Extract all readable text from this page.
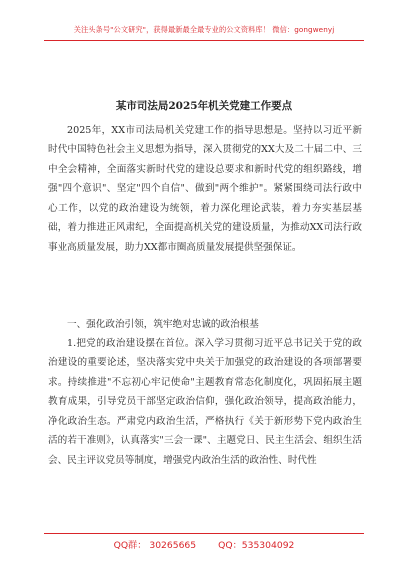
关注头条号"公文研究"，获得最新最全最专业的公文资料库！ 微信：gongwenyj
某市司法局2025年机关党建工作要点
2025年，XX市司法局机关党建工作的指导思想是。坚持以习近平新时代中国特色社会主义思想为指导，深入贯彻党的XX大及二十届二中、三中全会精神，全面落实新时代党的建设总要求和新时代党的组织路线，增强"四个意识"、坚定"四个自信"、做到"两个维护"。紧紧围绕司法行政中心工作，以党的政治建设为统领，着力深化理论武装，着力夯实基层基础，着力推进正风肃纪，全面提高机关党的建设质量，为推动XX司法行政事业高质量发展，助力XX都市圈高质量发展提供坚强保证。
一、强化政治引领，筑牢绝对忠诚的政治根基
1.把党的政治建设摆在首位。深入学习贯彻习近平总书记关于党的政治建设的重要论述，坚决落实党中央关于加强党的政治建设的各项部署要求。持续推进"不忘初心牢记使命"主题教育常态化制度化，巩固拓展主题教育成果，引导党员干部坚定政治信仰，强化政治领导，提高政治能力，净化政治生态。严肃党内政治生活，严格执行《关于新形势下党内政治生活的若干准则》，认真落实"三会一课"、主题党日、民主生活会、组织生活会、民主评议党员等制度，增强党内政治生活的政治性、时代性
QQ群： 30265665 QQ：535304092
